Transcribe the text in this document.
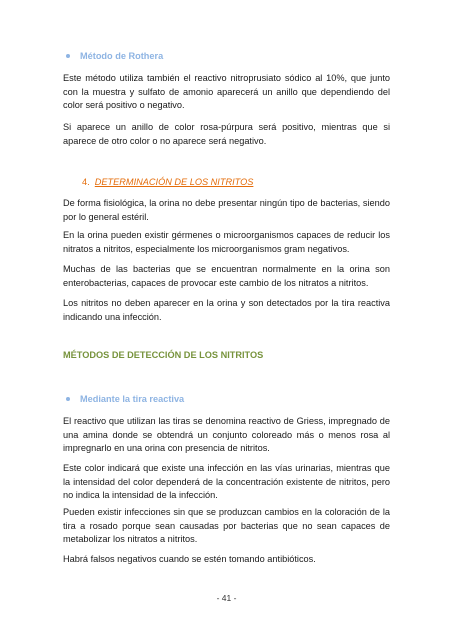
Método de Rothera

Este método utiliza también el reactivo nitroprusiato sódico al 10%, que junto con la muestra y sulfato de amonio aparecerá un anillo que dependiendo del color será positivo o negativo.

Si aparece un anillo de color rosa-púrpura será positivo, mientras que si aparece de otro color o no aparece será negativo.

4. DETERMINACIÓN DE LOS NITRITOS

De forma fisiológica, la orina no debe presentar ningún tipo de bacterias, siendo por lo general estéril.

En la orina pueden existir gérmenes o microorganismos capaces de reducir los nitratos a nitritos, especialmente los microorganismos gram negativos.

Muchas de las bacterias que se encuentran normalmente en la orina son enterobacterias, capaces de provocar este cambio de los nitratos a nitritos.

Los nitritos no deben aparecer en la orina y son detectados por la tira reactiva indicando una infección.

MÉTODOS DE DETECCIÓN DE LOS NITRITOS
Mediante la tira reactiva

El reactivo que utilizan las tiras se denomina reactivo de Griess, impregnado de una amina donde se obtendrá un conjunto coloreado más o menos rosa al impregnarlo en una orina con presencia de nitritos.

Este color indicará que existe una infección en las vías urinarias, mientras que la intensidad del color dependerá de la concentración existente de nitritos, pero no indica la intensidad de la infección.

Pueden existir infecciones sin que se produzcan cambios en la coloración de la tira a rosado porque sean causadas por bacterias que no sean capaces de metabolizar los nitratos a nitritos.

Habrá falsos negativos cuando se estén tomando antibióticos.

- 41 -
